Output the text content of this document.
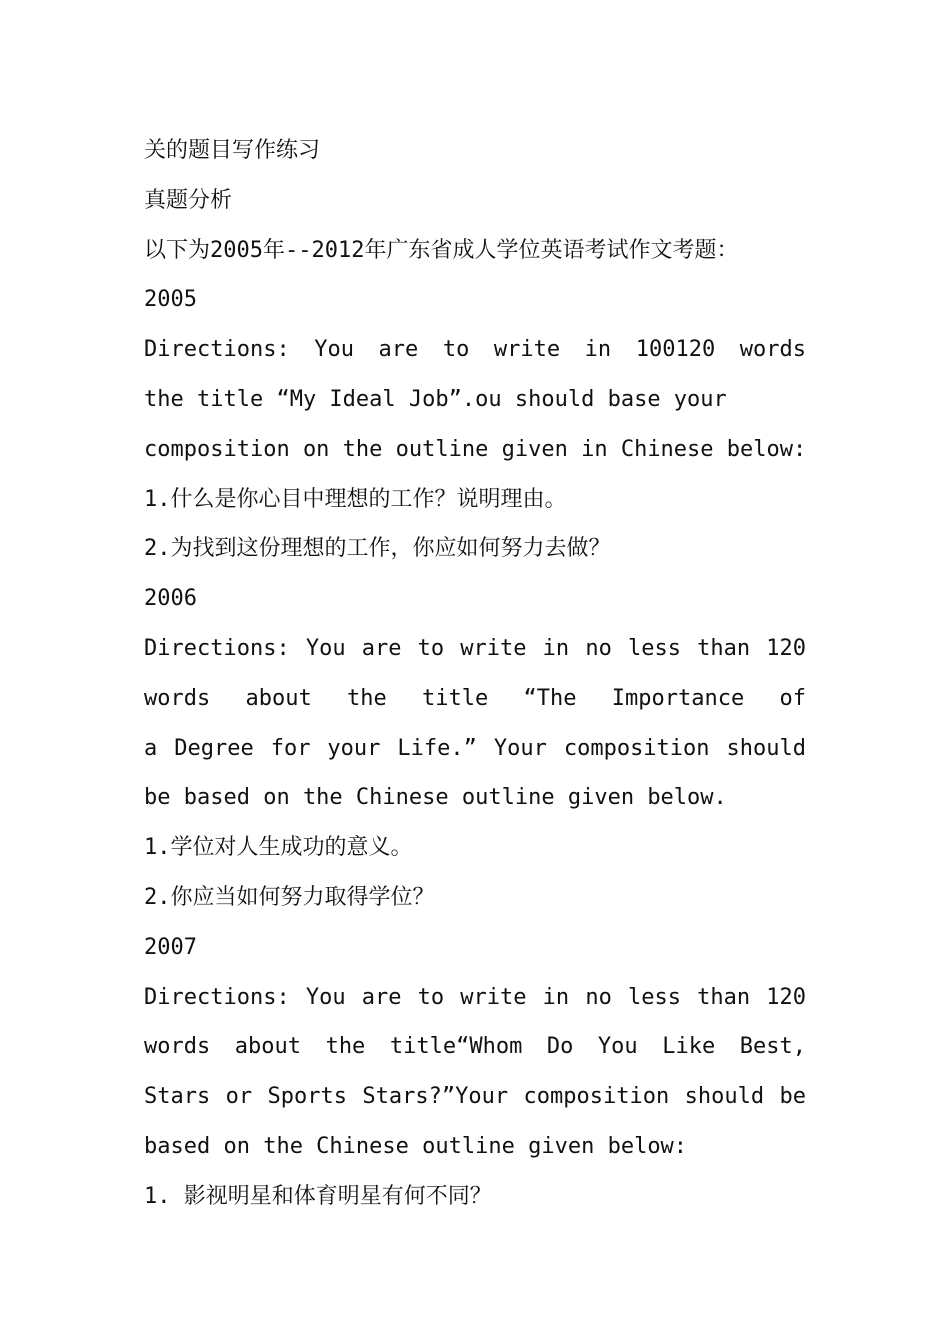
关的题目写作练习
真题分析
以下为2005年--2012年广东省成人学位英语考试作文考题：
2005
Directions: You are to write in 100120 words
the title “My Ideal Job”.ou should base your
composition on the outline given in Chinese below:
1.什么是你心目中理想的工作？说明理由。
2.为找到这份理想的工作，你应如何努力去做？
2006
Directions: You are to write in no less than 120
words about the title “The Importance of
a Degree for your Life.” Your composition should
be based on the Chinese outline given below.
1.学位对人生成功的意义。
2.你应当如何努力取得学位？
2007
Directions: You are to write in no less than 120
words about the title“Whom Do You Like Best,
Stars or Sports Stars?”Your composition should be
based on the Chinese outline given below:
1. 影视明星和体育明星有何不同？
